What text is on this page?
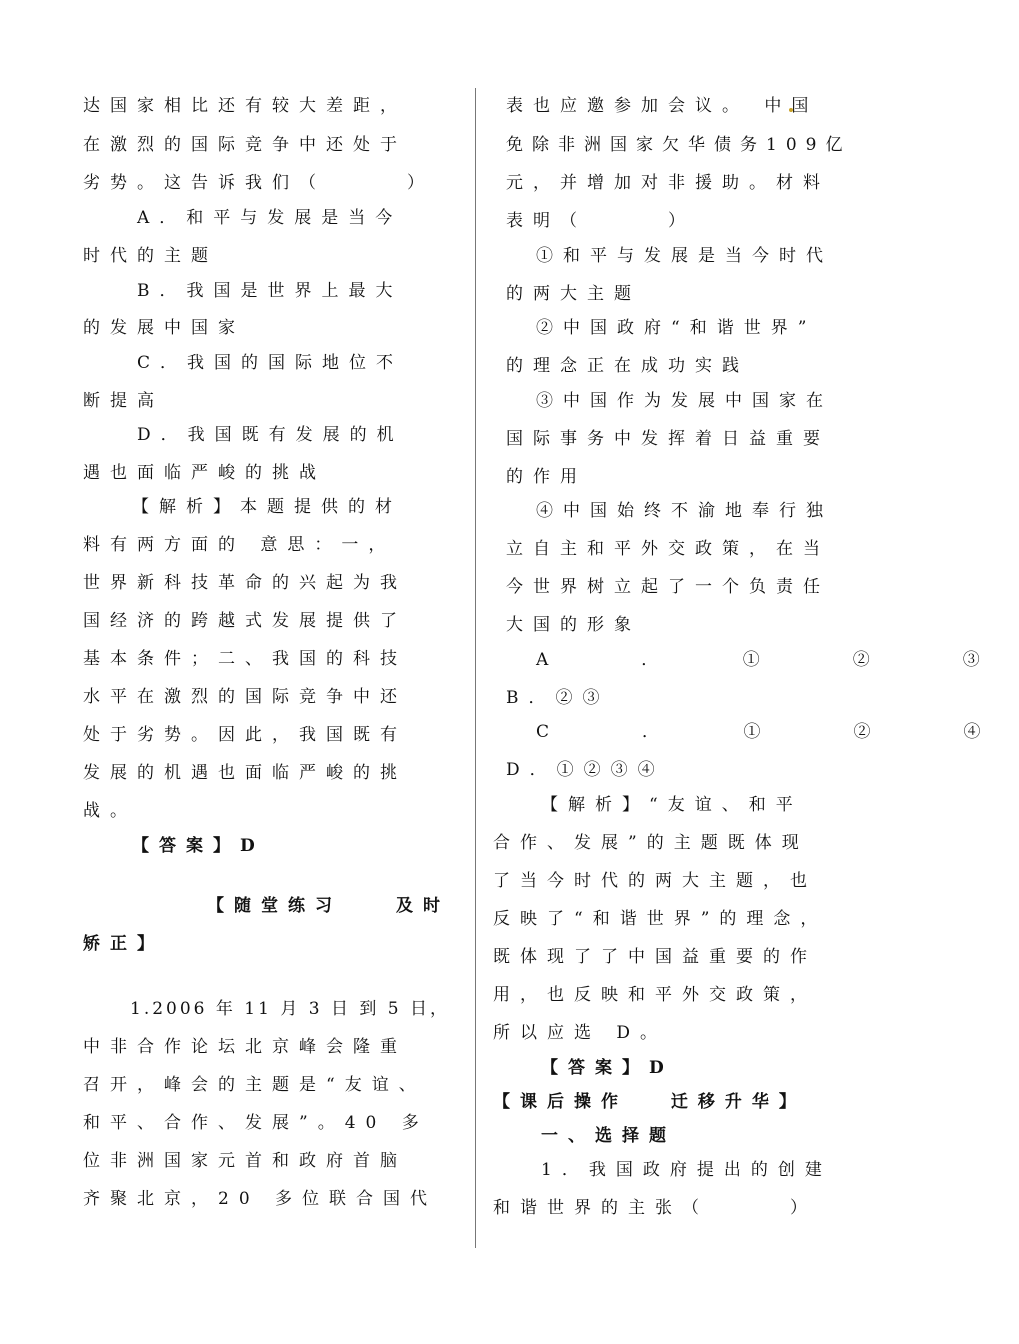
达国家相比还有较大差距，
在激烈的国际竞争中还处于
劣势。这告诉我们（　　　）
A．和平与发展是当今
时代的主题
B．我国是世界上最大
的发展中国家
C．我国的国际地位不
断提高
D．我国既有发展的机
遇也面临严峻的挑战
【解析】本题提供的材
料有两方面的 意思：一，
世界新科技革命的兴起为我
国经济的跨越式发展提供了
基本条件；二、我国的科技
水平在激烈的国际竞争中还
处于劣势。因此，我国既有
发展的机遇也面临严峻的挑
战。
【答案】D
【随堂练习　　及时
矫正】
1.2006 年 11 月 3 日 到 5 日，
中非合作论坛北京峰会隆重
召开，峰会的主题是“友谊、
和平、合作、发展”。40 多
位非洲国家元首和政府首脑
齐聚北京，20 多位联合国代
表也应邀参加会议。 中国
免除非洲国家欠华债务109亿
元，并增加对非援助。材料
表明（　　　）
①和平与发展是当今时代
的两大主题
②中国政府“和谐世界”
的理念正在成功实践
③中国作为发展中国家在
国际事务中发挥着日益重要
的作用
④中国始终不渝地奉行独
立自主和平外交政策，在当
今世界树立起了一个负责任
大国的形象
A　．　①　②　③
B．②③
C　．　①　②　④
D．①②③④
【解析】“友谊、和平
合作、发展”的主题既体现
了当今时代的两大主题，也
反映了“和谐世界”的理念，
既体现了了中国益重要的作
用，也反映和平外交政策，
所以应选 D。
【答案】D
【课后操作　 迁移升华】
一、选择题
1．我国政府提出的创建
和谐世界的主张（　　　）
